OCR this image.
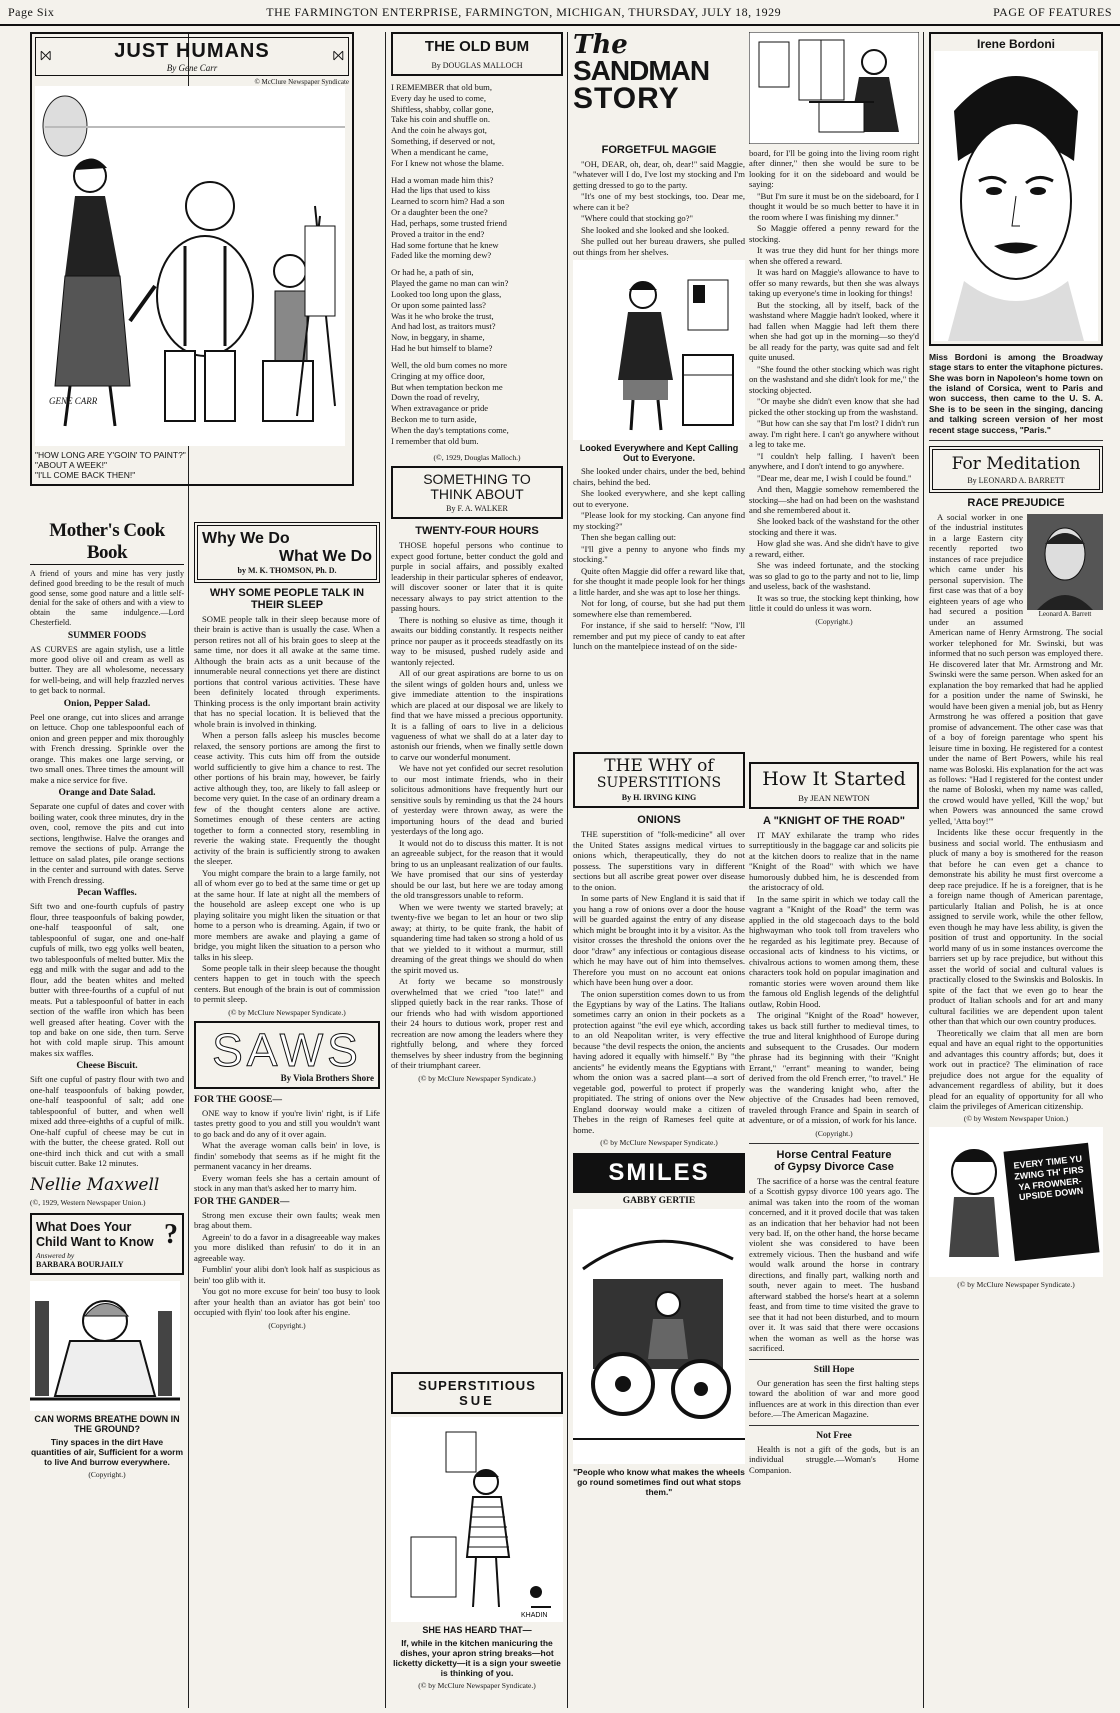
Page Six	THE FARMINGTON ENTERPRISE, FARMINGTON, MICHIGAN, THURSDAY, JULY 18, 1929	PAGE OF FEATURES
⨝	JUST HUMANS
By Gene Carr
⨝
© McClure Newspaper Syndicate
GENE CARR
"HOW LONG ARE Y'GOIN' TO PAINT?"
"ABOUT A WEEK!"
"I'LL COME BACK THEN!"
Mother's Cook Book
A friend of yours and mine has very justly defined good breeding to be the result of much good sense, some good nature and a little self-denial for the sake of others and with a view to obtain the same indulgence.—Lord Chesterfield.
SUMMER FOODS
AS CURVES are again stylish, use a little more good olive oil and cream as well as butter. They are all wholesome, necessary for well-being, and will help frazzled nerves to get back to normal.
Onion, Pepper Salad.
Peel one orange, cut into slices and arrange on lettuce. Chop one tablespoonful each of onion and green pepper and mix thoroughly with French dressing. Sprinkle over the orange. This makes one large serving, or two small ones. Three times the amount will make a nice service for five.
Orange and Date Salad.
Separate one cupful of dates and cover with boiling water, cook three minutes, dry in the oven, cool, remove the pits and cut into sections, lengthwise. Halve the oranges and remove the sections of pulp. Arrange the lettuce on salad plates, pile orange sections in the center and surround with dates. Serve with French dressing.
Pecan Waffles.
Sift two and one-fourth cupfuls of pastry flour, three teaspoonfuls of baking powder, one-half teaspoonful of salt, one tablespoonful of sugar, one and one-half cupfuls of milk, two egg yolks well beaten, two tablespoonfuls of melted butter. Mix the egg and milk with the sugar and add to the flour, add the beaten whites and melted butter with three-fourths of a cupful of nut meats. Put a tablespoonful of batter in each section of the waffle iron which has been well greased after heating. Cover with the top and bake on one side, then turn. Serve hot with cold maple sirup. This amount makes six waffles.
Cheese Biscuit.
Sift one cupful of pastry flour with two and one-half teaspoonfuls of baking powder, one-half teaspoonful of salt; add one tablespoonful of butter, and when well mixed add three-eighths of a cupful of milk. One-half cupful of cheese may be cut in with the butter, the cheese grated. Roll out one-third inch thick and cut with a small biscuit cutter. Bake 12 minutes.
Nellie Maxwell
(©, 1929, Western Newspaper Union.)
What Does Your Child Want to Know ?
Answered by
BARBARA BOURJAILY
CAN WORMS BREATHE DOWN IN THE GROUND?
Tiny spaces in the dirt Have quantities of air, Sufficient for a worm to live And burrow everywhere.
(Copyright.)
Why We Do
What We Do
by M. K. THOMSON, Ph. D.
WHY SOME PEOPLE TALK IN THEIR SLEEP

SOME people talk in their sleep because more of their brain is active than is usually the case. When a person retires not all of his brain goes to sleep at the same time, nor does it all awake at the same time. Although the brain acts as a unit because of the innumerable neural connections yet there are distinct portions that control various activities. These have been definitely located through experiments. Thinking process is the only important brain activity that has no special location. It is believed that the whole brain is involved in thinking.

When a person falls asleep his muscles become relaxed, the sensory portions are among the first to cease activity. This cuts him off from the outside world sufficiently to give him a chance to rest. The other portions of his brain may, however, be fairly active although they, too, are likely to fall asleep or become very quiet. In the case of an ordinary dream a few of the thought centers alone are active. Sometimes enough of these centers are acting together to form a connected story, resembling in reverie the waking state. Frequently the thought activity of the brain is sufficiently strong to awaken the sleeper.

You might compare the brain to a large family, not all of whom ever go to bed at the same time or get up at the same hour. If late at night all the members of the household are asleep except one who is up playing solitaire you might liken the situation or that home to a person who is dreaming. Again, if two or more members are awake and playing a game of bridge, you might liken the situation to a person who talks in his sleep.

Some people talk in their sleep because the thought centers happen to get in touch with the speech centers. But enough of the brain is out of commission to permit sleep.

(© by McClure Newspaper Syndicate.)
SAWS
By Viola Brothers Shore
FOR THE GOOSE—

ONE way to know if you're livin' right, is if Life tastes pretty good to you and still you wouldn't want to go back and do any of it over again.

What the average woman calls bein' in love, is findin' somebody that seems as if he might fit the permanent vacancy in her dreams.

Every woman feels she has a certain amount of stock in any man that's asked her to marry him.

FOR THE GANDER—

Strong men excuse their own faults; weak men brag about them.

Agreein' to do a favor in a disagreeable way makes you more disliked than refusin' to do it in an agreeable way.

Fumblin' your alibi don't look half as suspicious as bein' too glib with it.

You got no more excuse for bein' too busy to look after your health than an aviator has got bein' too occupied with flyin' too look after his engine.

(Copyright.)
THE OLD BUM
By DOUGLAS MALLOCH

I REMEMBER that old bum,
Every day he used to come,
Shiftless, shabby, collar gone,
Take his coin and shuffle on.
And the coin he always got,
Something, if deserved or not,
When a mendicant he came,
For I knew not whose the blame.

Had a woman made him this?
Had the lips that used to kiss
Learned to scorn him? Had a son
Or a daughter been the one?
Had, perhaps, some trusted friend
Proved a traitor in the end?
Had some fortune that he knew
Faded like the morning dew?

Or had he, a path of sin,
Played the game no man can win?
Looked too long upon the glass,
Or upon some painted lass?
Was it he who broke the trust,
And had lost, as traitors must?
Now, in beggary, in shame,
Had he but himself to blame?

Well, the old bum comes no more
Cringing at my office door,
But when temptation beckon me
Down the road of revelry,
When extravagance or pride
Beckon me to turn aside,
When the day's temptations come,
I remember that old bum.

(©, 1929, Douglas Malloch.)
SOMETHING TO
THINK ABOUT
By F. A. WALKER
TWENTY-FOUR HOURS

THOSE hopeful persons who continue to expect good fortune, better conduct the gold and purple in social affairs, and possibly exalted leadership in their particular spheres of endeavor, will discover sooner or later that it is quite necessary always to pay strict attention to the passing hours.

There is nothing so elusive as time, though it awaits our bidding constantly. It respects neither prince nor pauper as it proceeds steadfastly on its way to be misused, pushed rudely aside and wantonly rejected.

All of our great aspirations are borne to us on the silent wings of golden hours and, unless we give immediate attention to the inspirations which are placed at our disposal we are likely to find that we have missed a precious opportunity. It is a falling of oars to live in a delicious vagueness of what we shall do at a later day to astonish our friends, when we finally settle down to carve our wonderful monument.

We have not yet confided our secret resolution to our most intimate friends, who in their solicitous admonitions have frequently hurt our sensitive souls by reminding us that the 24 hours of yesterday were thrown away, as were the importuning hours of the dead and buried yesterdays of the long ago.

It would not do to discuss this matter. It is not an agreeable subject, for the reason that it would bring to us an unpleasant realization of our faults. We have promised that our sins of yesterday should be our last, but here we are today among the old transgressors unable to reform.

When we were twenty we started bravely; at twenty-five we began to let an hour or two slip away; at thirty, to be quite frank, the habit of squandering time had taken so strong a hold of us that we yielded to it without a murmur, still dreaming of the great things we should do when the spirit moved us.

At forty we became so monstrously overwhelmed that we cried "too late!" and slipped quietly back in the rear ranks. Those of our friends who had with wisdom apportioned their 24 hours to dutious work, proper rest and recreation are now among the leaders where they rightfully belong, and where they forced themselves by sheer industry from the beginning of their triumphant career.

(© by McClure Newspaper Syndicate.)
SUPERSTITIOUS
SUE
KHADIN
SHE HAS HEARD THAT—
If, while in the kitchen manicuring the dishes, your apron string breaks—hot licketty dicketty—it is a sign your sweetie is thinking of you.
(© by McClure Newspaper Syndicate.)
The
SANDMAN
STORY
FORGETFUL MAGGIE

"OH, DEAR, oh, dear, oh, dear!" said Maggie, "whatever will I do, I've lost my stocking and I'm getting dressed to go to the party.

"It's one of my best stockings, too. Dear me, where can it be?

"Where could that stocking go?"

She looked and she looked and she looked.

She pulled out her bureau drawers, she pulled out things from her shelves.

Looked Everywhere and Kept Calling Out to Everyone.

She looked under chairs, under the bed, behind chairs, behind the bed.

She looked everywhere, and she kept calling out to everyone.

"Please look for my stocking. Can anyone find my stocking?"

Then she began calling out:

"I'll give a penny to anyone who finds my stocking."

Quite often Maggie did offer a reward like that, for she thought it made people look for her things a little harder, and she was apt to lose her things.

Not for long, of course, but she had put them somewhere else than remembered.

For instance, if she said to herself: "Now, I'll remember and put my piece of candy to eat after lunch on the mantelpiece instead of on the side-

THE WHY of
SUPERSTITIONS
By H. IRVING KING
ONIONS

THE superstition of "folk-medicine" all over the United States assigns medical virtues to onions which, therapeutically, they do not possess. The superstitions vary in different sections but all ascribe great power over disease to the onion.

In some parts of New England it is said that if you hang a row of onions over a door the house will be guarded against the entry of any disease which might be brought into it by a visitor. As the visitor crosses the threshold the onions over the door "draw" any infectious or contagious disease which he may have out of him into themselves. Therefore you must on no account eat onions which have been hung over a door.

The onion superstition comes down to us from the Egyptians by way of the Latins. The Italians sometimes carry an onion in their pockets as a protection against "the evil eye which, according to an old Neapolitan writer, is very effective because "the devil respects the onion, the ancients having adored it equally with himself." By "the ancients" he evidently means the Egyptians with whom the onion was a sacred plant—a sort of vegetable god, powerful to protect if properly propitiated. The string of onions over the New England doorway would make a citizen of Thebes in the reign of Rameses feel quite at home.

(© by McClure Newspaper Syndicate.)
SMILES
GABBY GERTIE
"People who know what makes the wheels go round sometimes find out what stops them."

board, for I'll be going into the living room right after dinner," then she would be sure to be looking for it on the sideboard and would be saying:

"But I'm sure it must be on the sideboard, for I thought it would be so much better to have it in the room where I was finishing my dinner."

So Maggie offered a penny reward for the stocking.

It was true they did hunt for her things more when she offered a reward.

It was hard on Maggie's allowance to have to offer so many rewards, but then she was always taking up everyone's time in looking for things!

But the stocking, all by itself, back of the washstand where Maggie hadn't looked, where it had fallen when Maggie had left them there when she had got up in the morning—so they'd be all ready for the party, was quite sad and felt quite unused.

"She found the other stocking which was right on the washstand and she didn't look for me," the stocking objected.

"Or maybe she didn't even know that she had picked the other stocking up from the washstand.

"But how can she say that I'm lost? I didn't run away. I'm right here. I can't go anywhere without a leg to take me.

"I couldn't help falling. I haven't been anywhere, and I don't intend to go anywhere.

"Dear me, dear me, I wish I could be found."

And then, Maggie somehow remembered the stocking—she had on had been on the washstand and she remembered about it.

She looked back of the washstand for the other stocking and there it was.

How glad she was. And she didn't have to give a reward, either.

She was indeed fortunate, and the stocking was so glad to go to the party and not to lie, limp and useless, back of the washstand.

It was so true, the stocking kept thinking, how little it could do unless it was worn.

(Copyright.)
How It Started
By JEAN NEWTON
A "KNIGHT OF THE ROAD"

IT MAY exhilarate the tramp who rides surreptitiously in the baggage car and solicits pie at the kitchen doors to realize that in the name "Knight of the Road" with which we have humorously dubbed him, he is descended from the aristocracy of old.

In the same spirit in which we today call the vagrant a "Knight of the Road" the term was applied in the old stagecoach days to the bold highwayman who took toll from travelers who he regarded as his legitimate prey. Because of occasional acts of kindness to his victims, or chivalrous actions to women among them, these characters took hold on popular imagination and romantic stories were woven around them like the famous old English legends of the delightful outlaw, Robin Hood.

The original "Knight of the Road" however, takes us back still further to medieval times, to the true and literal knighthood of Europe during and subsequent to the Crusades. Our modern phrase had its beginning with their "Knight Errant," "errant" meaning to wander, being derived from the old French errer, "to travel." He was the wandering knight who, after the objective of the Crusades had been removed, traveled through France and Spain in search of adventure, or of a mission, of work for his lance.

(Copyright.)
Horse Central Feature
of Gypsy Divorce Case

The sacrifice of a horse was the central feature of a Scottish gypsy divorce 100 years ago. The animal was taken into the room of the woman concerned, and it it proved docile that was taken as an indication that her behavior had not been very bad. If, on the other hand, the horse became violent she was considered to have been extremely vicious. Then the husband and wife would walk around the horse in contrary directions, and finally part, walking north and south, never again to meet. The husband afterward stabbed the horse's heart at a solemn feast, and from time to time visited the grave to see that it had not been disturbed, and to mourn over it. It was said that there were occasions when the woman as well as the horse was sacrificed.

Still Hope

Our generation has seen the first halting steps toward the abolition of war and more good influences are at work in this direction than ever before.—The American Magazine.

Not Free

Health is not a gift of the gods, but is an individual struggle.—Woman's Home Companion.

Irene Bordoni
Miss Bordoni is among the Broadway stage stars to enter the vitaphone pictures. She was born in Napoleon's home town on the island of Corsica, went to Paris and won success, then came to the U. S. A. She is to be seen in the singing, dancing and talking screen version of her most recent stage success, "Paris."
For Meditation
By LEONARD A. BARRETT
RACE PREJUDICE
Leonard A. Barrett

A social worker in one of the industrial institutes in a large Eastern city recently reported two instances of race prejudice which came under his personal supervision. The first case was that of a boy eighteen years of age who had secured a position under an assumed American name of Henry Armstrong. The social worker telephoned for Mr. Swinski, but was informed that no such person was employed there. He discovered later that Mr. Armstrong and Mr. Swinski were the same person. When asked for an explanation the boy remarked that had he applied for a position under the name of Swinski, he would have been given a menial job, but as Henry Armstrong he was offered a position that gave promise of advancement. The other case was that of a boy of foreign parentage who spent his leisure time in boxing. He registered for a contest under the name of Bert Powers, while his real name was Boloski. His explanation for the act was as follows: "Had I registered for the contest under the name of Boloski, when my name was called, the crowd would have yelled, 'Kill the wop,' but when Powers was announced the same crowd yelled, 'Atta boy!'"

Incidents like these occur frequently in the business and social world. The enthusiasm and pluck of many a boy is smothered for the reason that before he can even get a chance to demonstrate his ability he must first overcome a deep race prejudice. If he is a foreigner, that is he a foreign name though of American parentage, particularly Italian and Polish, he is at once assigned to servile work, while the other fellow, even though he may have less ability, is given the position of trust and opportunity. In the social world many of us in some instances overcome the barriers set up by race prejudice, but without this asset the world of social and cultural values is practically closed to the Swinskis and Boloskis. In spite of the fact that we even go to hear the product of Italian schools and for art and many cultural facilities we are dependent upon talent other than that which our own country produces.

Theoretically we claim that all men are born equal and have an equal right to the opportunities and advantages this country affords; but, does it work out in practice? The elimination of race prejudice does not argue for the equality of advancement regardless of ability, but it does plead for an equality of opportunity for all who claim the privileges of American citizenship.

(© by Western Newspaper Union.)
EVERY TIME YU ZWING TH' FIRS YA FROWNER- UPSIDE DOWN
(© by McClure Newspaper Syndicate.)
